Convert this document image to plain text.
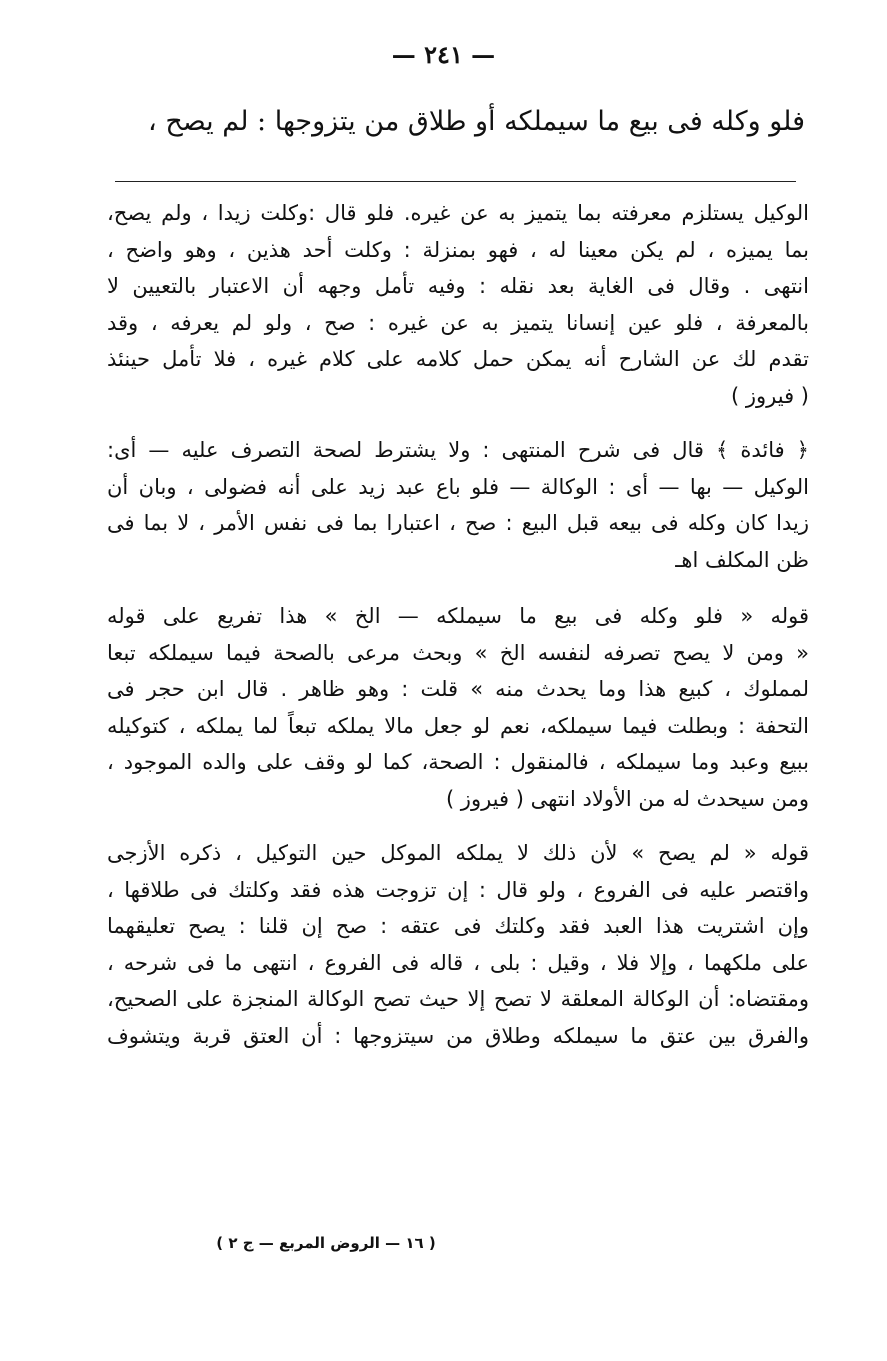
— ٢٤١ —
فلو وكله فى بيع ما سيملكه أو طلاق من يتزوجها : لم يصح ،

الوكيل يستلزم معرفته بما يتميز به عن غيره. فلو قال :وكلت زيدا ، ولم يصح،
بما يميزه ، لم يكن معينا له ، فهو بمنزلة : وكلت أحد هذين ، وهو واضح ،
انتهى . وقال فى الغاية بعد نقله : وفيه تأمل وجهه أن الاعتبار بالتعيين لا
بالمعرفة ، فلو عين إنسانا يتميز به عن غيره : صح ، ولو لم يعرفه ، وقد
تقدم لك عن الشارح أنه يمكن حمل كلامه على كلام غيره ، فلا تأمل حينئذ
( فيروز )

﴿ فائدة ﴾ قال فى شرح المنتهى : ولا يشترط لصحة التصرف عليه — أى:
الوكيل — بها — أى : الوكالة — فلو باع عبد زيد على أنه فضولى ، وبان أن
زيدا كان وكله فى بيعه قبل البيع : صح ، اعتبارا بما فى نفس الأمر ، لا بما فى
ظن المكلف اهـ

قوله « فلو وكله فى بيع ما سيملكه — الخ » هذا تفريع على قوله
« ومن لا يصح تصرفه لنفسه الخ » وبحث مرعى بالصحة فيما سيملكه تبعا
لمملوك ، كبيع هذا وما يحدث منه » قلت : وهو ظاهر . قال ابن حجر فى
التحفة : وبطلت فيما سيملكه، نعم لو جعل مالا يملكه تبعاً لما يملكه ، كتوكيله
ببيع وعبد وما سيملكه ، فالمنقول : الصحة، كما لو وقف على والده الموجود ،
ومن سيحدث له من الأولاد انتهى ( فيروز )

قوله « لم يصح » لأن ذلك لا يملكه الموكل حين التوكيل ، ذكره الأزجى
واقتصر عليه فى الفروع ، ولو قال : إن تزوجت هذه فقد وكلتك فى طلاقها ،
وإن اشتريت هذا العبد فقد وكلتك فى عتقه : صح إن قلنا : يصح تعليقهما
على ملكهما ، وإلا فلا ، وقيل : بلى ، قاله فى الفروع ، انتهى ما فى شرحه ،
ومقتضاه: أن الوكالة المعلقة لا تصح إلا حيث تصح الوكالة المنجزة على الصحيح،
والفرق بين عتق ما سيملكه وطلاق من سيتزوجها : أن العتق قربة ويتشوف

( ١٦ — الروض المربع — ج ٢ )
